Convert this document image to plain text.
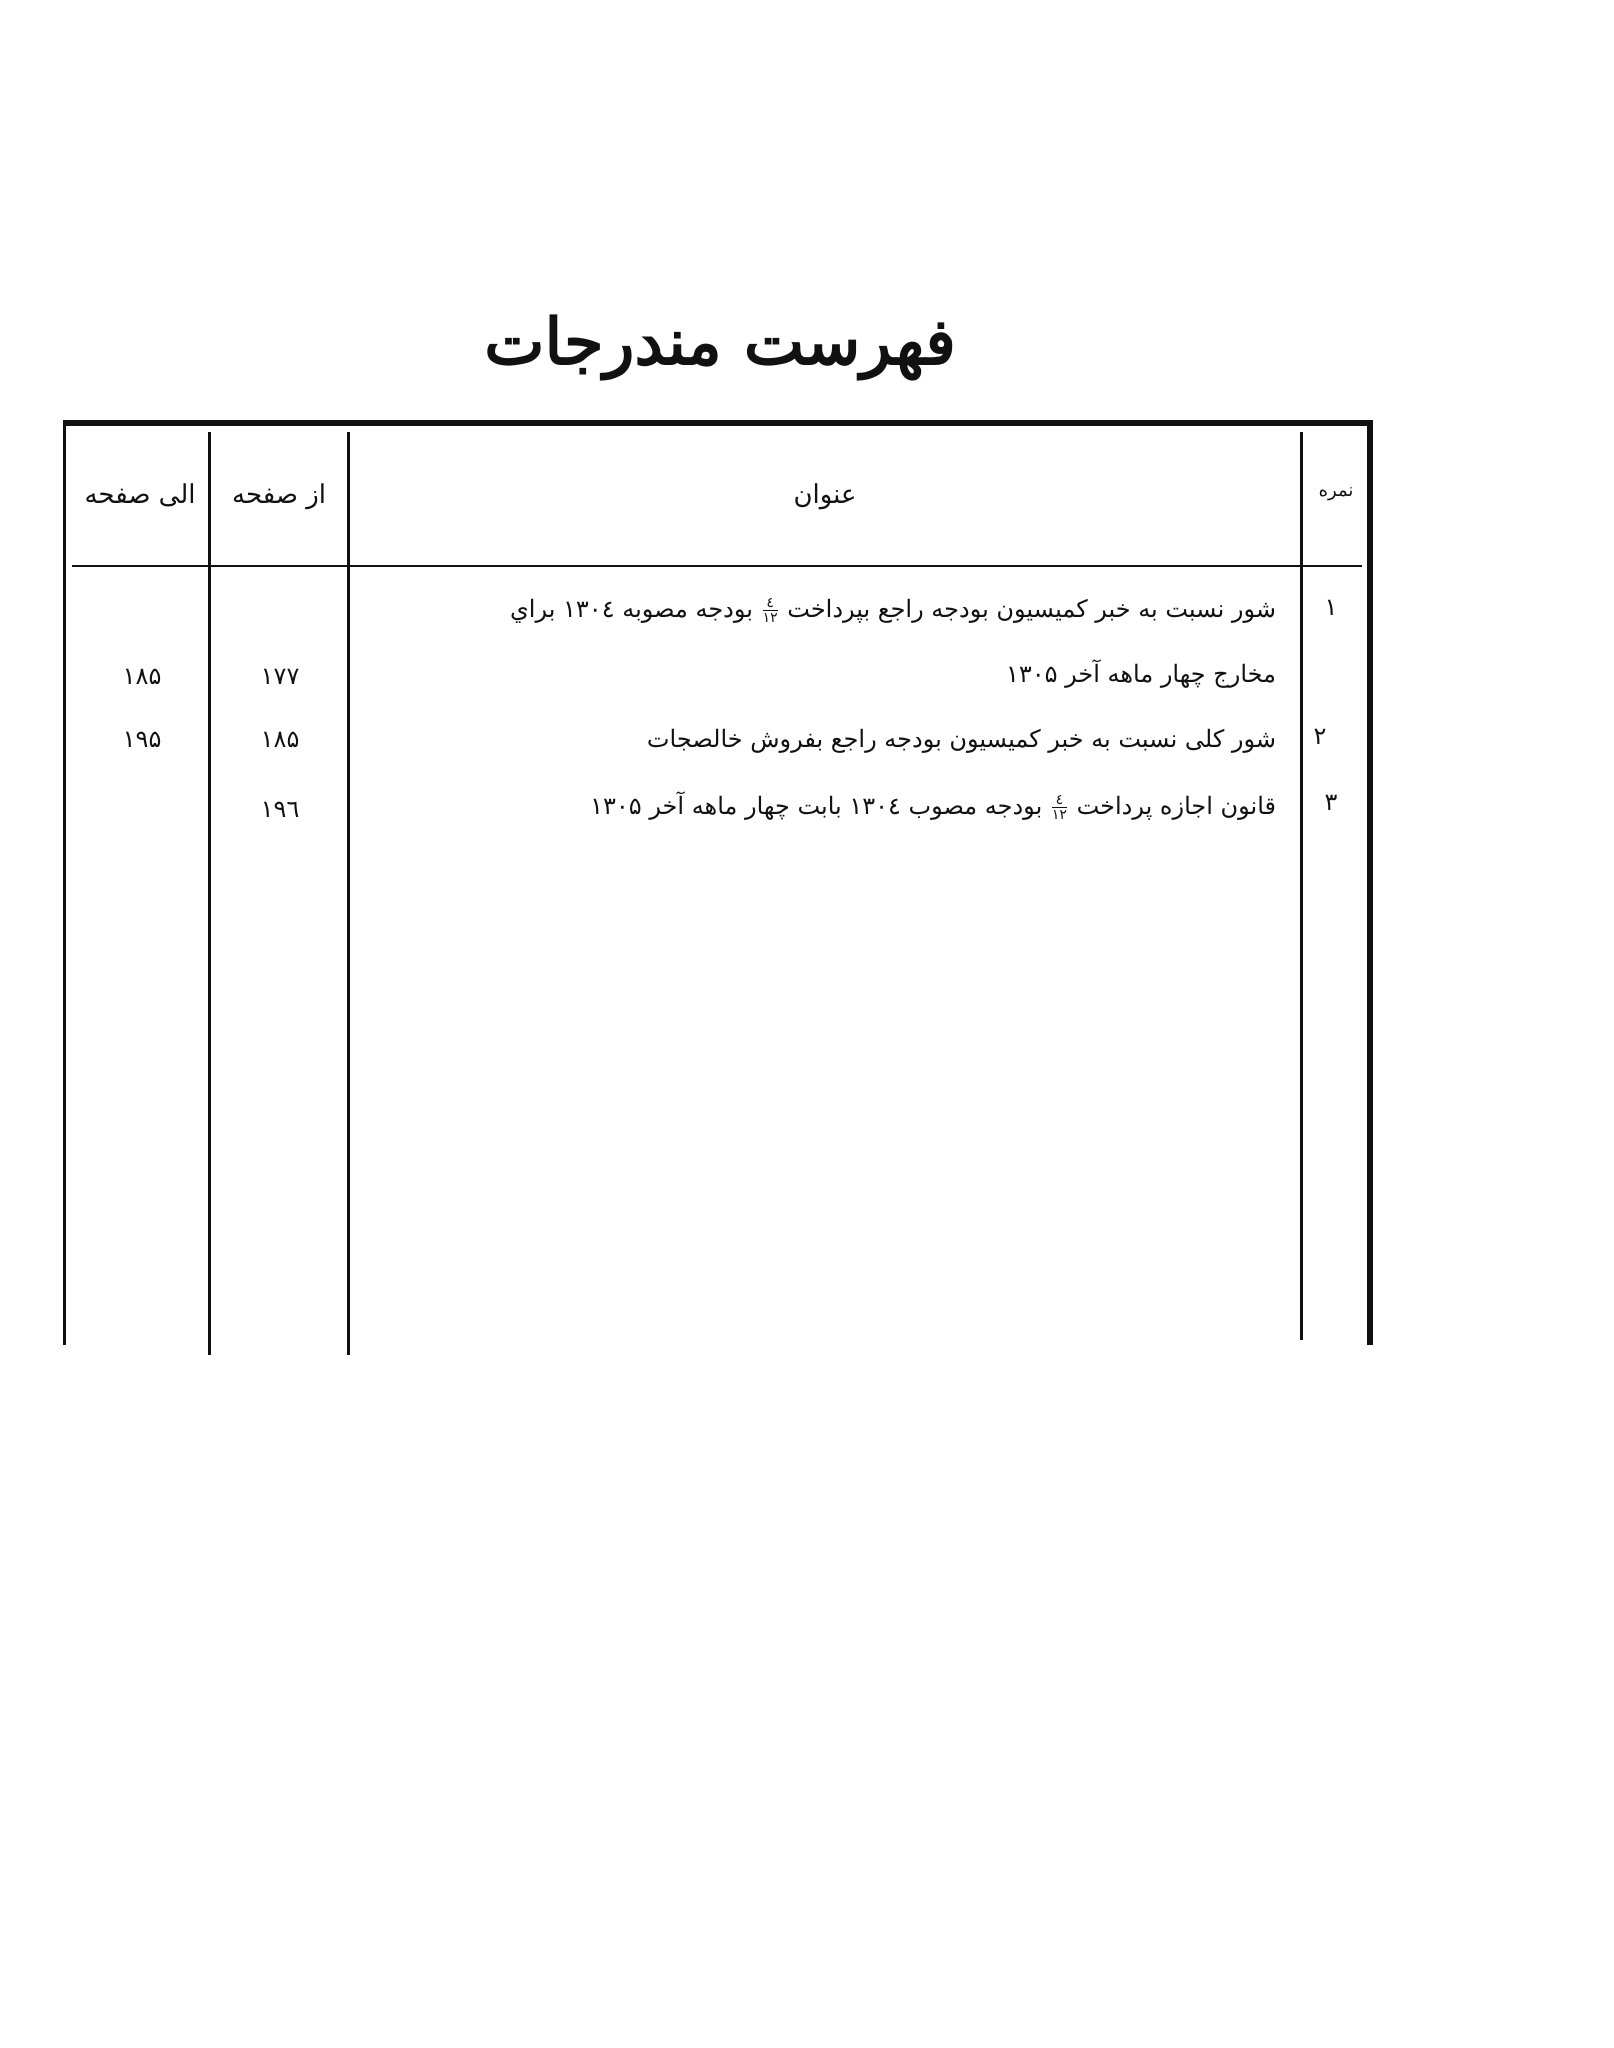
فهرست مندرجات
نمره
عنوان
از صفحه
الی صفحه
۱
شور نسبت به خبر کمیسیون بودجه راجع بپرداخت
$\frac{٤}{۱۲}$
بودجه مصوبه ۱۳۰٤ براي
مخارج چهار ماهه آخر ۱۳۰۵
۱۷۷
۱۸۵
۲
شور کلی نسبت به خبر کمیسیون بودجه راجع بفروش خالصجات
۱۸۵
۱۹۵
۳
قانون اجازه پرداخت
$\frac{٤}{۱۲}$
بودجه مصوب ۱۳۰٤ بابت چهار ماهه آخر ۱۳۰۵
۱۹٦
